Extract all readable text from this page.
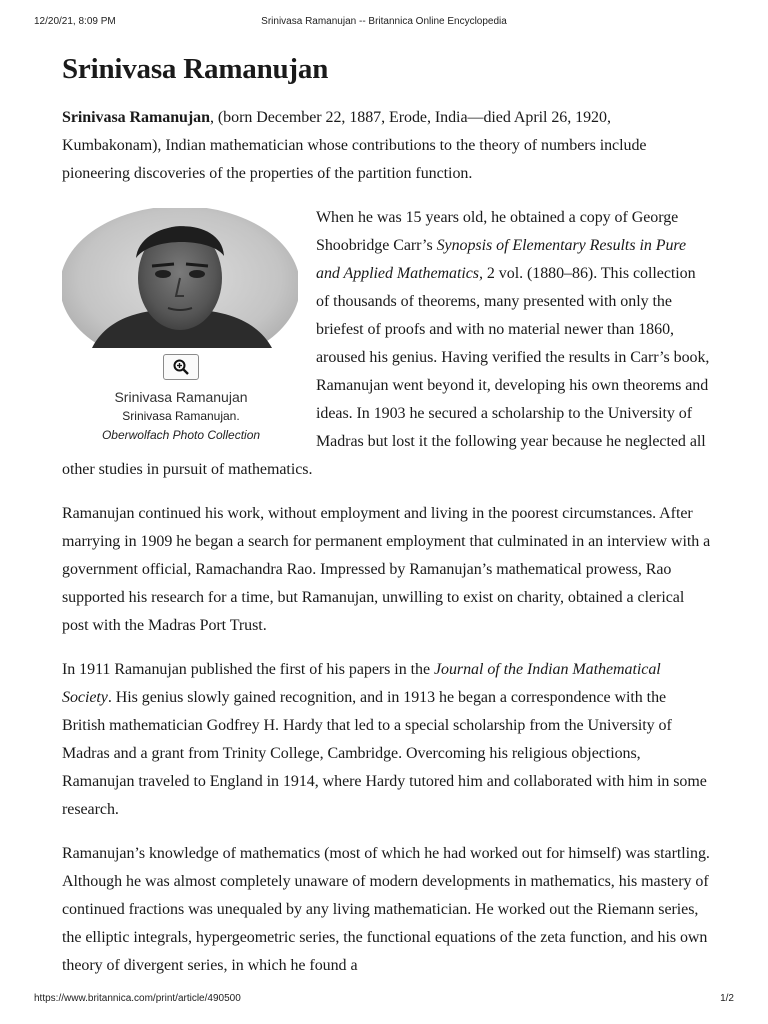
12/20/21, 8:09 PM	Srinivasa Ramanujan -- Britannica Online Encyclopedia
Srinivasa Ramanujan

Srinivasa Ramanujan, (born December 22, 1887, Erode, India—died April 26, 1920, Kumbakonam), Indian mathematician whose contributions to the theory of numbers include pioneering discoveries of the properties of the partition function.

Srinivasa Ramanujan
Srinivasa Ramanujan.
Oberwolfach Photo Collection

When he was 15 years old, he obtained a copy of George Shoobridge Carr’s Synopsis of Elementary Results in Pure and Applied Mathematics, 2 vol. (1880–86). This collection of thousands of theorems, many presented with only the briefest of proofs and with no material newer than 1860, aroused his genius. Having verified the results in Carr’s book, Ramanujan went beyond it, developing his own theorems and ideas. In 1903 he secured a scholarship to the University of Madras but lost it the following year because he neglected all other studies in pursuit of mathematics.

Ramanujan continued his work, without employment and living in the poorest circumstances. After marrying in 1909 he began a search for permanent employment that culminated in an interview with a government official, Ramachandra Rao. Impressed by Ramanujan’s mathematical prowess, Rao supported his research for a time, but Ramanujan, unwilling to exist on charity, obtained a clerical post with the Madras Port Trust.

In 1911 Ramanujan published the first of his papers in the Journal of the Indian Mathematical Society. His genius slowly gained recognition, and in 1913 he began a correspondence with the British mathematician Godfrey H. Hardy that led to a special scholarship from the University of Madras and a grant from Trinity College, Cambridge. Overcoming his religious objections, Ramanujan traveled to England in 1914, where Hardy tutored him and collaborated with him in some research.

Ramanujan’s knowledge of mathematics (most of which he had worked out for himself) was startling. Although he was almost completely unaware of modern developments in mathematics, his mastery of continued fractions was unequaled by any living mathematician. He worked out the Riemann series, the elliptic integrals, hypergeometric series, the functional equations of the zeta function, and his own theory of divergent series, in which he found a

https://www.britannica.com/print/article/490500	1/2
